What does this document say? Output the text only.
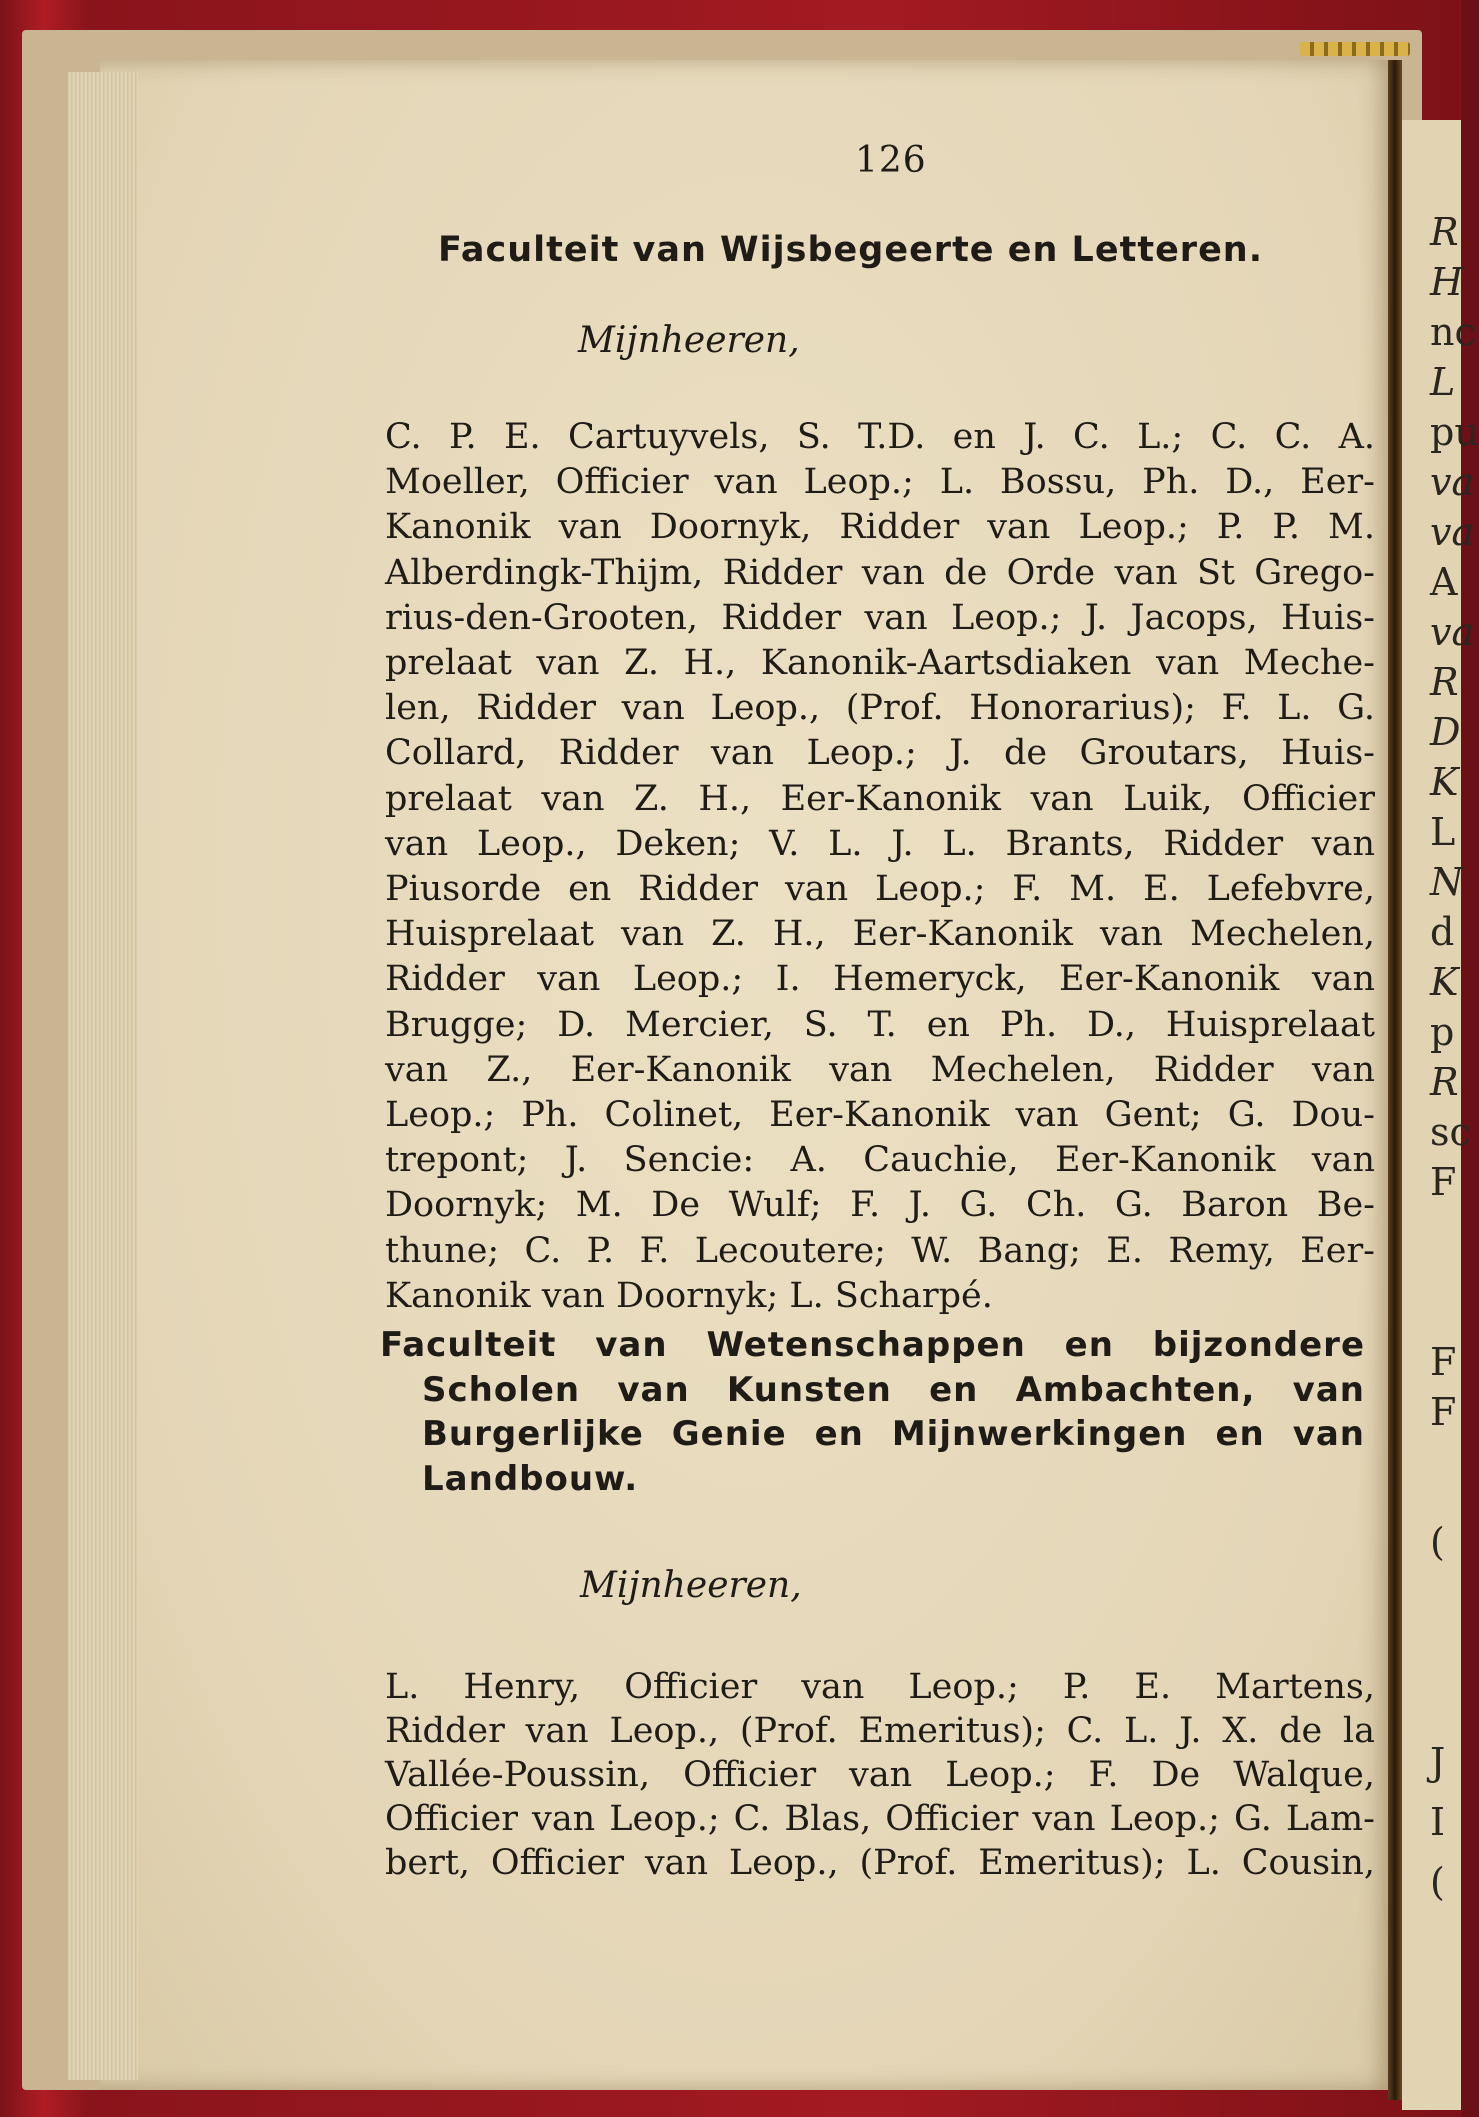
R
H
nc
L
pu
va
va
A
va
R
D
K
L
N
d
K
p
R
sc
F
F
F
(
J
I
(
126
Faculteit van Wijsbegeerte en Letteren.
Mijnheeren,
C. P. E. Cartuyvels, S. T.D. en J. C. L.; C. C. A.
Moeller, Officier van Leop.; L. Bossu, Ph. D., Eer-
Kanonik van Doornyk, Ridder van Leop.; P. P. M.
Alberdingk-Thijm, Ridder van de Orde van St Grego-
rius-den-Grooten, Ridder van Leop.; J. Jacops, Huis-
prelaat van Z. H., Kanonik-Aartsdiaken van Meche-
len, Ridder van Leop., (Prof. Honorarius); F. L. G.
Collard, Ridder van Leop.; J. de Groutars, Huis-
prelaat van Z. H., Eer-Kanonik van Luik, Officier
van Leop., Deken; V. L. J. L. Brants, Ridder van
Piusorde en Ridder van Leop.; F. M. E. Lefebvre,
Huisprelaat van Z. H., Eer-Kanonik van Mechelen,
Ridder van Leop.; I. Hemeryck, Eer-Kanonik van
Brugge; D. Mercier, S. T. en Ph. D., Huisprelaat
van Z., Eer-Kanonik van Mechelen, Ridder van
Leop.; Ph. Colinet, Eer-Kanonik van Gent; G. Dou-
trepont; J. Sencie: A. Cauchie, Eer-Kanonik van
Doornyk; M. De Wulf; F. J. G. Ch. G. Baron Be-
thune; C. P. F. Lecoutere; W. Bang; E. Remy, Eer-
Kanonik van Doornyk; L. Scharpé.
Faculteit van Wetenschappen en bijzondere
Scholen van Kunsten en Ambachten, van
Burgerlijke Genie en Mijnwerkingen en van
Landbouw.
Mijnheeren,
L. Henry, Officier van Leop.; P. E. Martens,
Ridder van Leop., (Prof. Emeritus); C. L. J. X. de la
Vallée-Poussin, Officier van Leop.; F. De Walque,
Officier van Leop.; C. Blas, Officier van Leop.; G. Lam-
bert, Officier van Leop., (Prof. Emeritus); L. Cousin,
